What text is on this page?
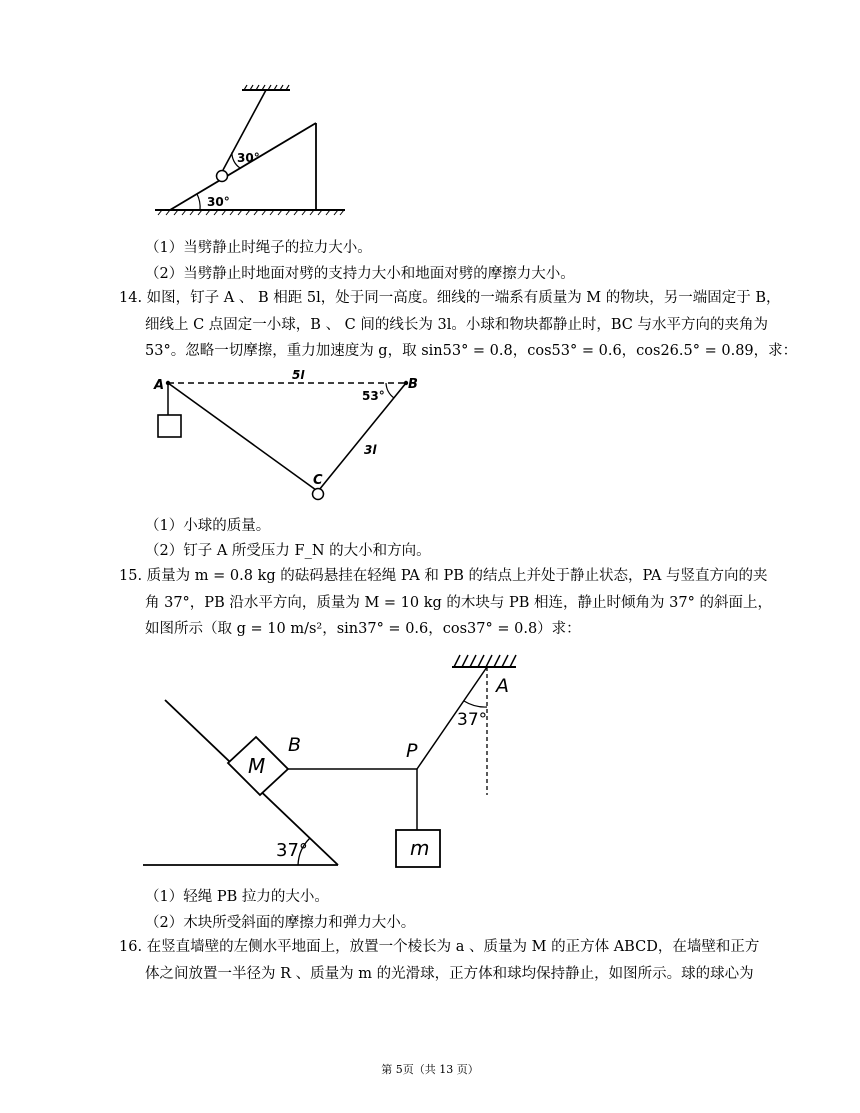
30°
30°
（1）当劈静止时绳子的拉力大小。
（2）当劈静止时地面对劈的支持力大小和地面对劈的摩擦力大小。
14. 如图，钉子 A 、 B 相距 5l，处于同一高度。细线的一端系有质量为 M 的物块，另一端固定于 B，
细线上 C 点固定一小球，B 、 C 间的线长为 3l。小球和物块都静止时，BC 与水平方向的夹角为
53°。忽略一切摩擦，重力加速度为 g，取 sin53° = 0.8，cos53° = 0.6，cos26.5° = 0.89，求：
A	B
C
5l
3l
53°
（1）小球的质量。
（2）钉子 A 所受压力 F_N 的大小和方向。
15. 质量为 m = 0.8 kg 的砝码悬挂在轻绳 PA 和 PB 的结点上并处于静止状态，PA 与竖直方向的夹
角 37°，PB 沿水平方向，质量为 M = 10 kg 的木块与 PB 相连，静止时倾角为 37° 的斜面上，
如图所示（取 g = 10 m/s²，sin37° = 0.6，cos37° = 0.8）求：
M
m
B	P
A
37°
37°
（1）轻绳 PB 拉力的大小。
（2）木块所受斜面的摩擦力和弹力大小。
16. 在竖直墙壁的左侧水平地面上，放置一个棱长为 a 、质量为 M 的正方体 ABCD，在墙壁和正方
体之间放置一半径为 R 、质量为 m 的光滑球，正方体和球均保持静止，如图所示。球的球心为
第 5页（共 13 页）
